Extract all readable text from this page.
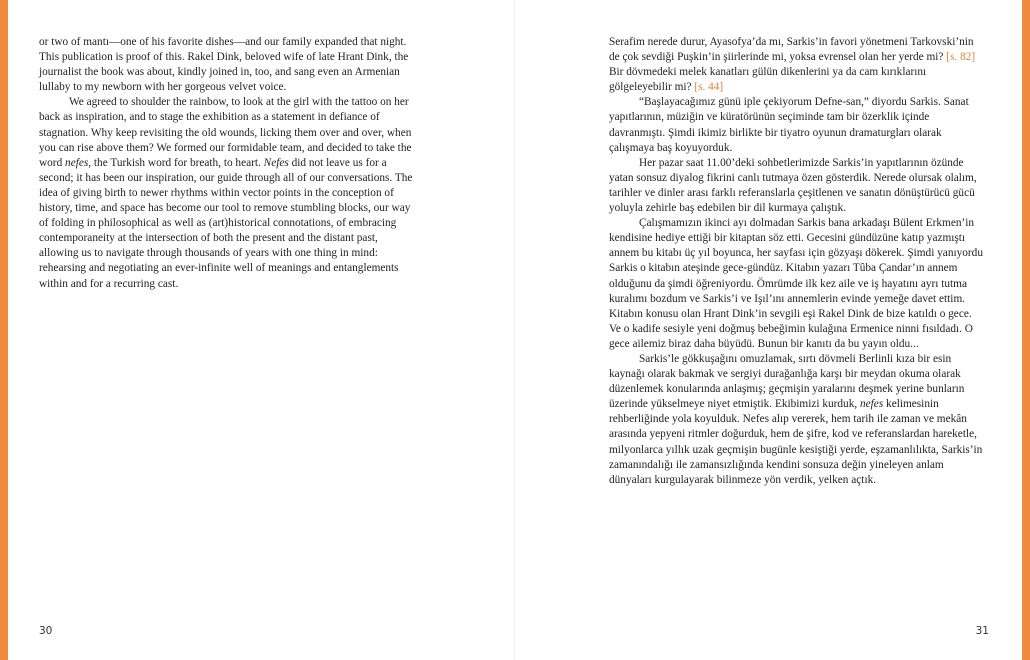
or two of mantı—one of his favorite dishes—and our family expanded that night. This publication is proof of this. Rakel Dink, beloved wife of late Hrant Dink, the journalist the book was about, kindly joined in, too, and sang even an Armenian lullaby to my newborn with her gorgeous velvet voice.

We agreed to shoulder the rainbow, to look at the girl with the tattoo on her back as inspiration, and to stage the exhibition as a statement in defiance of stagnation. Why keep revisiting the old wounds, licking them over and over, when you can rise above them? We formed our formidable team, and decided to take the word nefes, the Turkish word for breath, to heart. Nefes did not leave us for a second; it has been our inspiration, our guide through all of our conversations. The idea of giving birth to newer rhythms within vector points in the conception of history, time, and space has become our tool to remove stumbling blocks, our way of folding in philosophical as well as (art)historical connotations, of embracing contemporaneity at the intersection of both the present and the distant past, allowing us to navigate through thousands of years with one thing in mind: rehearsing and negotiating an ever-infinite well of meanings and entanglements within and for a recurring cast.

30

Serafim nerede durur, Ayasofya’da mı, Sarkis’in favori yönetmeni Tarkovski’nin de çok sevdiği Puşkin’in şiirlerinde mi, yoksa evrensel olan her yerde mi? [s. 82] Bir dövmedeki melek kanatları gülün dikenlerini ya da cam kırıklarını gölgeleyebilir mi? [s. 44]

“Başlayacağımız günü iple çekiyorum Defne-san,” diyordu Sarkis. Sanat yapıtlarının, müziğin ve küratörünün seçiminde tam bir özerklik içinde davranmıştı. Şimdi ikimiz birlikte bir tiyatro oyunun dramaturgları olarak çalışmaya baş koyuyorduk.

Her pazar saat 11.00’deki sohbetlerimizde Sarkis’in yapıtlarının özünde yatan sonsuz diyalog fikrini canlı tutmaya özen gösterdik. Nerede olursak olalım, tarihler ve dinler arası farklı referanslarla çeşitlenen ve sanatın dönüştürücü gücü yoluyla zehirle baş edebilen bir dil kurmaya çalıştık.

Çalışmamızın ikinci ayı dolmadan Sarkis bana arkadaşı Bülent Erkmen’in kendisine hediye ettiği bir kitaptan söz etti. Gecesini gündüzüne katıp yazmıştı annem bu kitabı üç yıl boyunca, her sayfası için gözyaşı dökerek. Şimdi yanıyordu Sarkis o kitabın ateşinde gece-gündüz. Kitabın yazarı Tûba Çandar’ın annem olduğunu da şimdi öğreniyordu. Ömrümde ilk kez aile ve iş hayatını ayrı tutma kuralımı bozdum ve Sarkis’i ve Işıl’ını annemlerin evinde yemeğe davet ettim. Kitabın konusu olan Hrant Dink’in sevgili eşi Rakel Dink de bize katıldı o gece. Ve o kadife sesiyle yeni doğmuş bebeğimin kulağına Ermenice ninni fısıldadı. O gece ailemiz biraz daha büyüdü. Bunun bir kanıtı da bu yayın oldu...

Sarkis’le gökkuşağını omuzlamak, sırtı dövmeli Berlinli kıza bir esin kaynağı olarak bakmak ve sergiyi durağanlığa karşı bir meydan okuma olarak düzenlemek konularında anlaşmış; geçmişin yaralarını deşmek yerine bunların üzerinde yükselmeye niyet etmiştik. Ekibimizi kurduk, nefes kelimesinin rehberliğinde yola koyulduk. Nefes alıp vererek, hem tarih ile zaman ve mekân arasında yepyeni ritmler doğurduk, hem de şifre, kod ve referanslardan hareketle, milyonlarca yıllık uzak geçmişin bugünle kesiştiği yerde, eşzamanlılıkta, Sarkis’in zamanındalığı ile zamansızlığında kendini sonsuza değin yineleyen anlam dünyaları kurgulayarak bilinmeze yön verdik, yelken açtık.

31
